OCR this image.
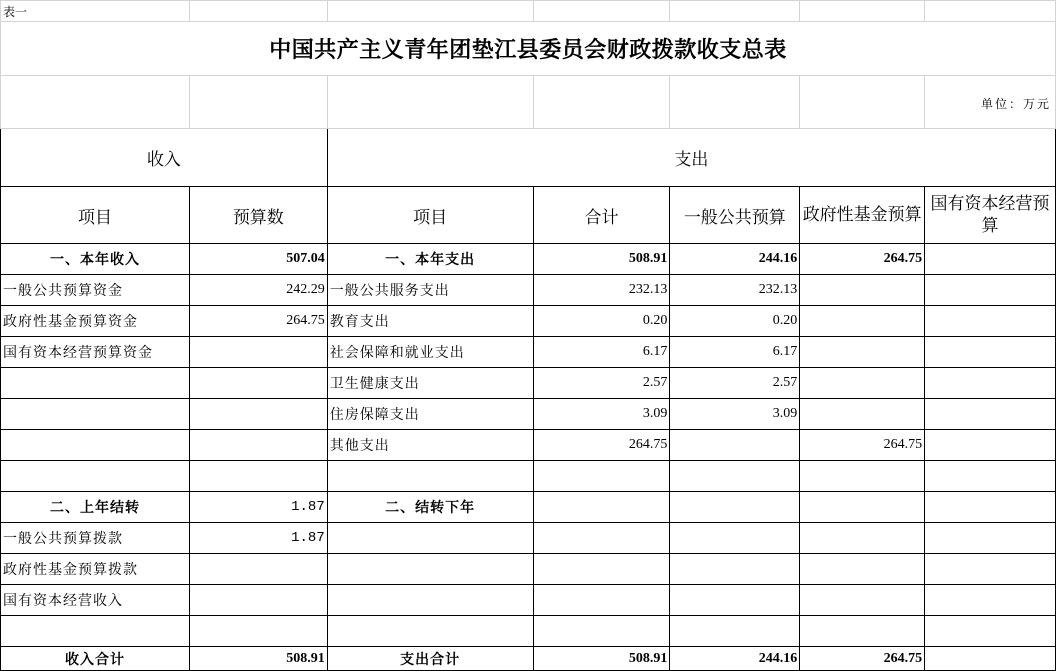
表一						
中国共产主义青年团垫江县委员会财政拨款收支总表						
						单位：万元
收入		支出				
项目	预算数	项目	合计	一般公共预算	政府性基金预算	国有资本经营预算
一、本年收入	507.04	一、本年支出	508.91	244.16	264.75	
一般公共预算资金	242.29	一般公共服务支出	232.13	232.13		
政府性基金预算资金	264.75	教育支出	0.20	0.20		
国有资本经营预算资金		社会保障和就业支出	6.17	6.17		
		卫生健康支出	2.57	2.57		
		住房保障支出	3.09	3.09		
		其他支出	264.75		264.75	

二、上年结转	1.87	二、结转下年				
一般公共预算拨款	1.87					
政府性基金预算拨款						
国有资本经营收入						

收入合计	508.91	支出合计	508.91	244.16	264.75	
